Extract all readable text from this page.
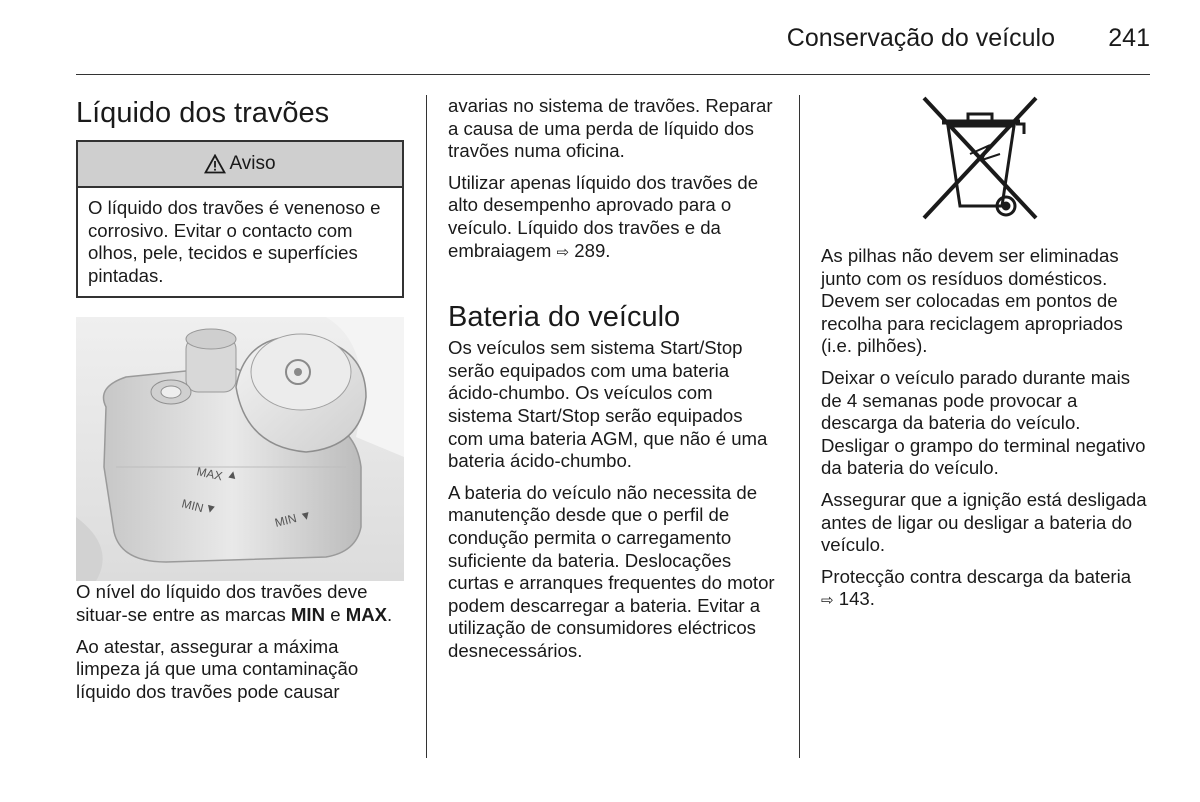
Conservação do veículo 241
Líquido dos travões
Aviso
O líquido dos travões é venenoso e corrosivo. Evitar o contacto com olhos, pele, tecidos e superfícies pintadas.
MAX ▲
MIN
▼
MIN ▼

O nível do líquido dos travões deve situar-se entre as marcas MIN e MAX.

Ao atestar, assegurar a máxima limpeza já que uma contaminação líquido dos travões pode causar

avarias no sistema de travões. Reparar a causa de uma perda de líquido dos travões numa oficina.

Utilizar apenas líquido dos travões de alto desempenho aprovado para o veículo. Líquido dos travões e da embraiagem ⇨ 289.

Bateria do veículo

Os veículos sem sistema Start/Stop serão equipados com uma bateria ácido-chumbo. Os veículos com sistema Start/Stop serão equipados com uma bateria AGM, que não é uma bateria ácido-chumbo.

A bateria do veículo não necessita de manutenção desde que o perfil de condução permita o carregamento suficiente da bateria. Deslocações curtas e arranques frequentes do motor podem descarregar a bateria. Evitar a utilização de consumidores eléctricos desnecessários.

As pilhas não devem ser eliminadas junto com os resíduos domésticos. Devem ser colocadas em pontos de recolha para reciclagem apropriados (i.e. pilhões).

Deixar o veículo parado durante mais de 4 semanas pode provocar a descarga da bateria do veículo. Desligar o grampo do terminal negativo da bateria do veículo.

Assegurar que a ignição está desligada antes de ligar ou desligar a bateria do veículo.

Protecção contra descarga da bateria
⇨ 143.
